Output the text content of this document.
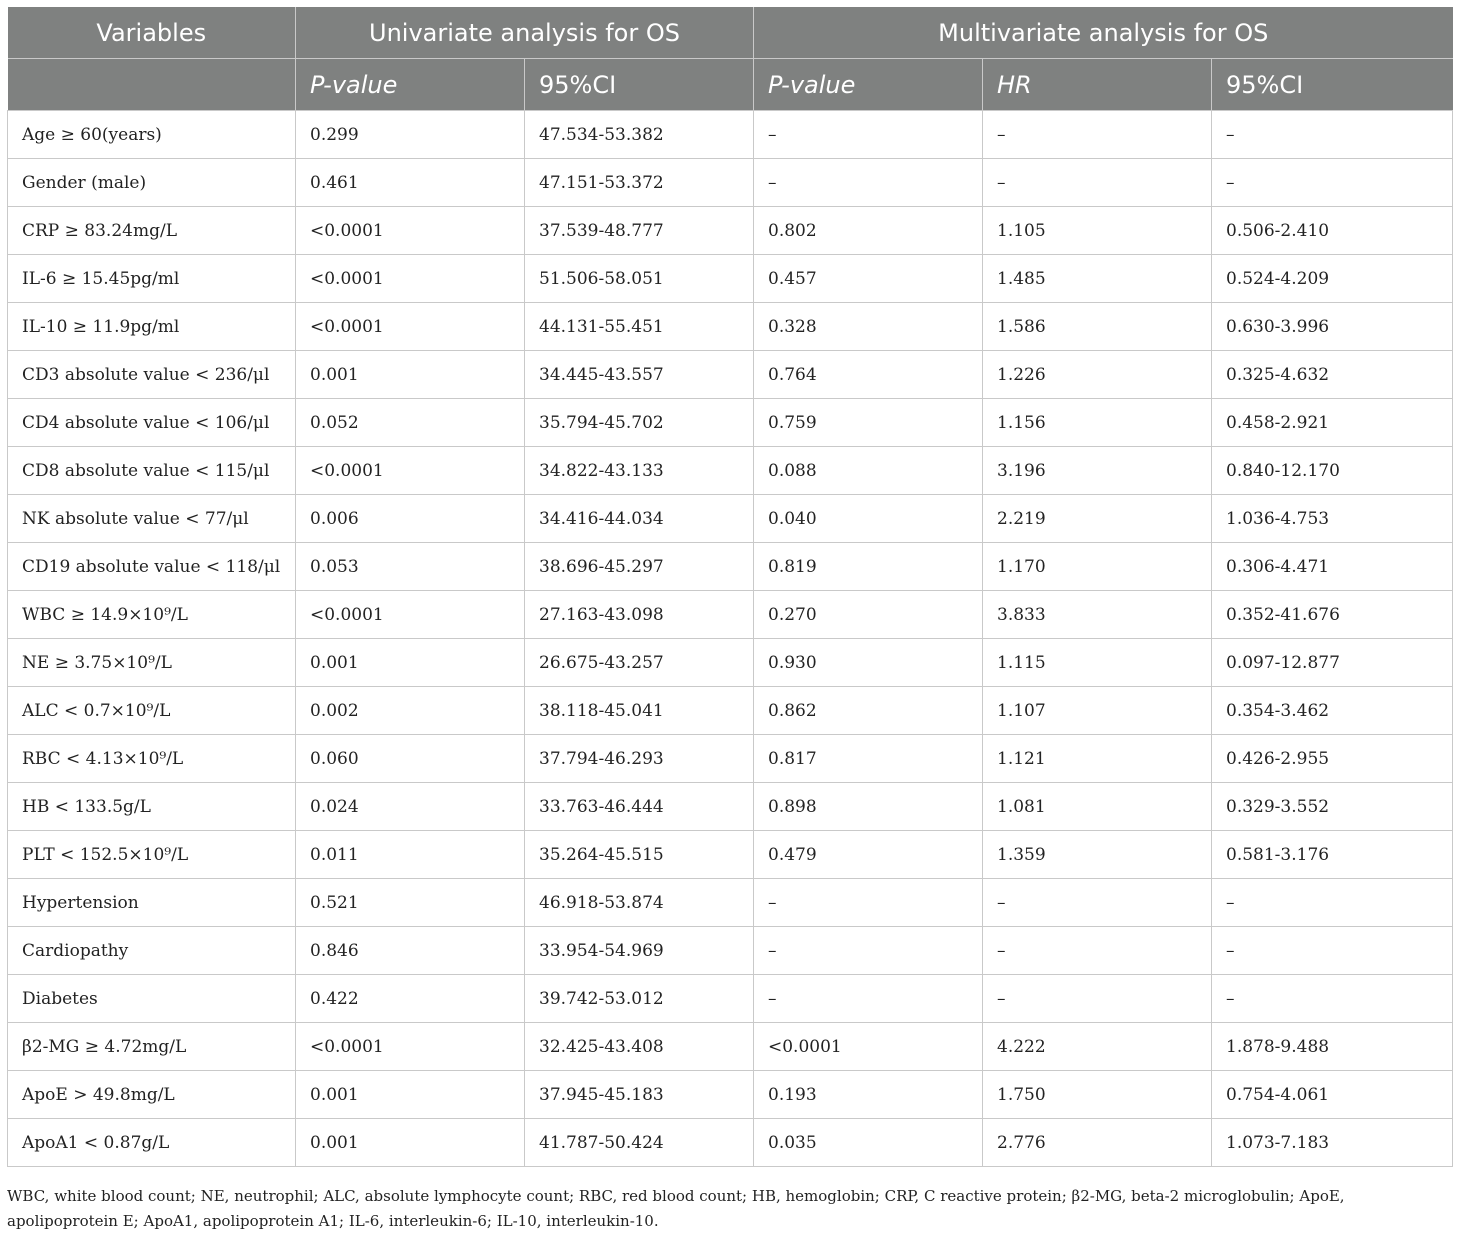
Variables	Univariate analysis for OS		Multivariate analysis for OS		
	P-value	95%CI	P-value	HR	95%CI
Age ≥ 60(years)	0.299	47.534-53.382	–	–	–
Gender (male)	0.461	47.151-53.372	–	–	–
CRP ≥ 83.24mg/L	<0.0001	37.539-48.777	0.802	1.105	0.506-2.410
IL-6 ≥ 15.45pg/ml	<0.0001	51.506-58.051	0.457	1.485	0.524-4.209
IL-10 ≥ 11.9pg/ml	<0.0001	44.131-55.451	0.328	1.586	0.630-3.996
CD3 absolute value < 236/μl	0.001	34.445-43.557	0.764	1.226	0.325-4.632
CD4 absolute value < 106/μl	0.052	35.794-45.702	0.759	1.156	0.458-2.921
CD8 absolute value < 115/μl	<0.0001	34.822-43.133	0.088	3.196	0.840-12.170
NK absolute value < 77/μl	0.006	34.416-44.034	0.040	2.219	1.036-4.753
CD19 absolute value < 118/μl	0.053	38.696-45.297	0.819	1.170	0.306-4.471
WBC ≥ 14.9×10⁹/L	<0.0001	27.163-43.098	0.270	3.833	0.352-41.676
NE ≥ 3.75×10⁹/L	0.001	26.675-43.257	0.930	1.115	0.097-12.877
ALC < 0.7×10⁹/L	0.002	38.118-45.041	0.862	1.107	0.354-3.462
RBC < 4.13×10⁹/L	0.060	37.794-46.293	0.817	1.121	0.426-2.955
HB < 133.5g/L	0.024	33.763-46.444	0.898	1.081	0.329-3.552
PLT < 152.5×10⁹/L	0.011	35.264-45.515	0.479	1.359	0.581-3.176
Hypertension	0.521	46.918-53.874	–	–	–
Cardiopathy	0.846	33.954-54.969	–	–	–
Diabetes	0.422	39.742-53.012	–	–	–
β2-MG ≥ 4.72mg/L	<0.0001	32.425-43.408	<0.0001	4.222	1.878-9.488
ApoE > 49.8mg/L	0.001	37.945-45.183	0.193	1.750	0.754-4.061
ApoA1 < 0.87g/L	0.001	41.787-50.424	0.035	2.776	1.073-7.183
WBC, white blood count; NE, neutrophil; ALC, absolute lymphocyte count; RBC, red blood count; HB, hemoglobin; CRP, C reactive protein; β2-MG, beta-2 microglobulin; ApoE, apolipoprotein E; ApoA1, apolipoprotein A1; IL-6, interleukin-6; IL-10, interleukin-10.
